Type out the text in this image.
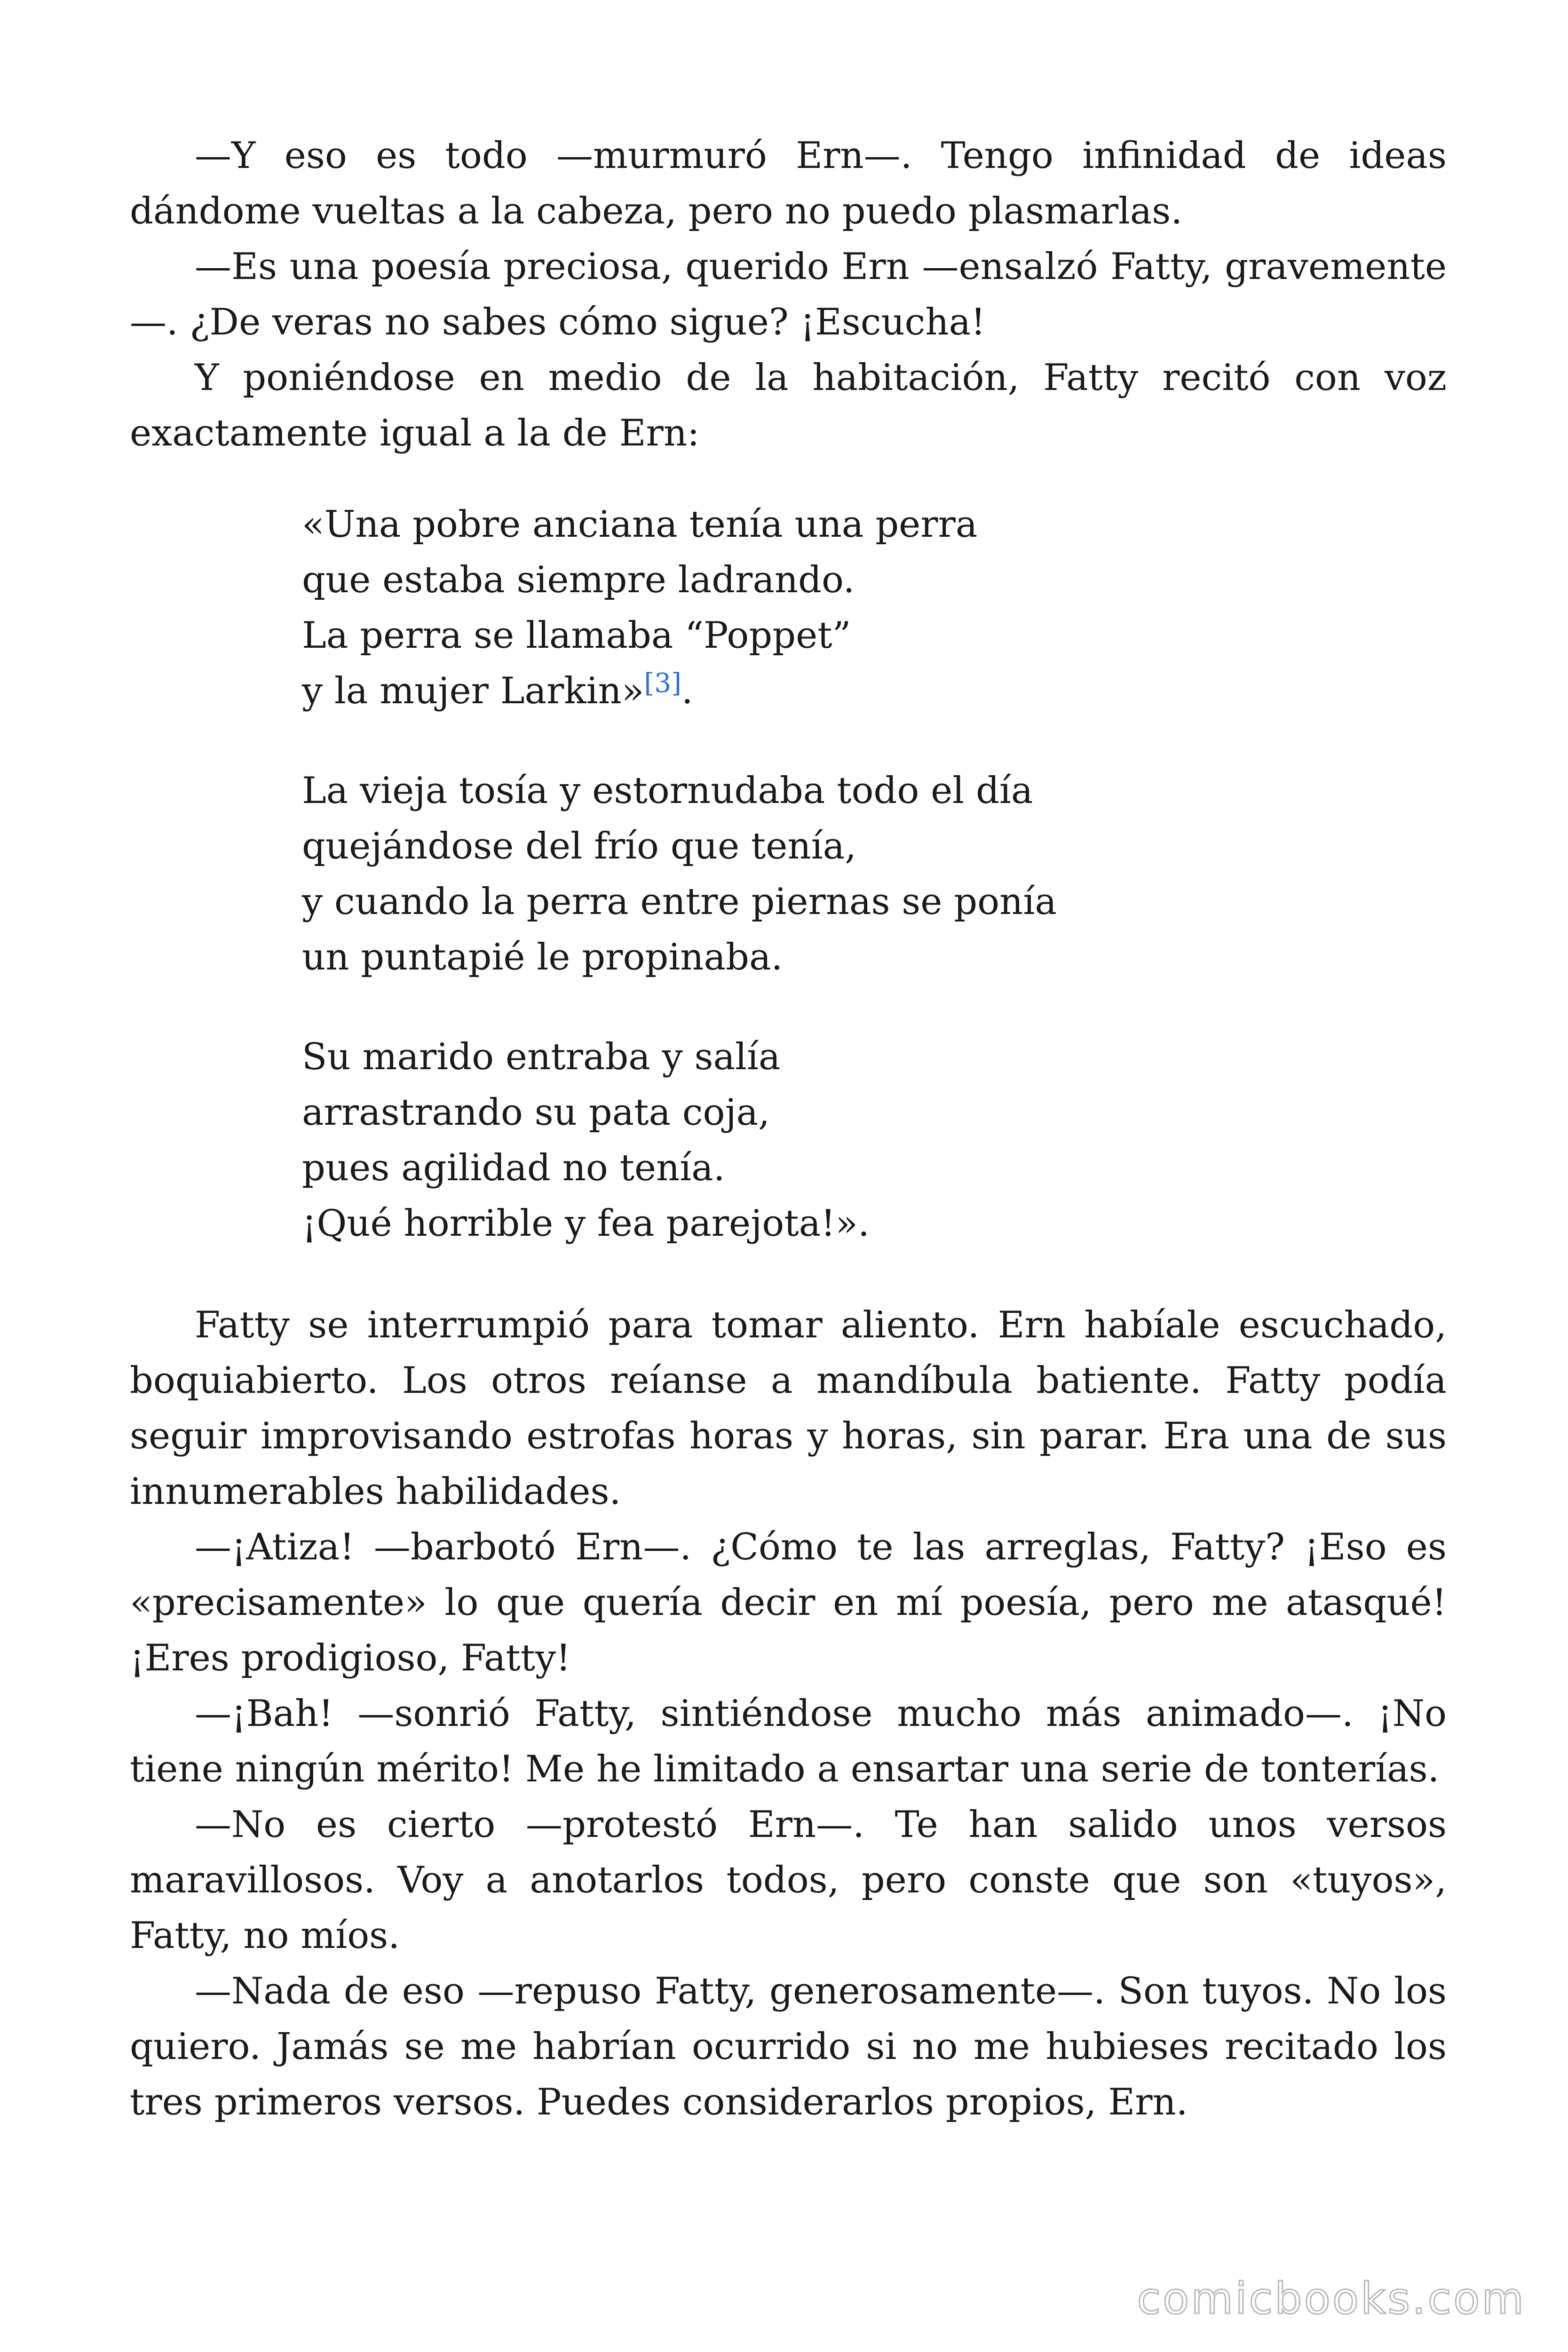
—Y eso es todo —murmuró Ern—. Tengo infinidad de ideas dándome vueltas a la cabeza, pero no puedo plasmarlas.

—Es una poesía preciosa, querido Ern —ensalzó Fatty, gravemente—. ¿De veras no sabes cómo sigue? ¡Escucha!

Y poniéndose en medio de la habitación, Fatty recitó con voz exactamente igual a la de Ern:

«Una pobre anciana tenía una perra
que estaba siempre ladrando.
La perra se llamaba “Poppet”
y la mujer Larkin»[3].
La vieja tosía y estornudaba todo el día
quejándose del frío que tenía,
y cuando la perra entre piernas se ponía
un puntapié le propinaba.
Su marido entraba y salía
arrastrando su pata coja,
pues agilidad no tenía.
¡Qué horrible y fea parejota!».

Fatty se interrumpió para tomar aliento. Ern habíale escuchado, boquiabierto. Los otros reíanse a mandíbula batiente. Fatty podía seguir improvisando estrofas horas y horas, sin parar. Era una de sus innumerables habilidades.

—¡Atiza! —barbotó Ern—. ¿Cómo te las arreglas, Fatty? ¡Eso es «precisamente» lo que quería decir en mí poesía, pero me atasqué! ¡Eres prodigioso, Fatty!

—¡Bah! —sonrió Fatty, sintiéndose mucho más animado—. ¡No tiene ningún mérito! Me he limitado a ensartar una serie de tonterías.

—No es cierto —protestó Ern—. Te han salido unos versos maravillosos. Voy a anotarlos todos, pero conste que son «tuyos», Fatty, no míos.

—Nada de eso —repuso Fatty, generosamente—. Son tuyos. No los quiero. Jamás se me habrían ocurrido si no me hubieses recitado los tres primeros versos. Puedes considerarlos propios, Ern.

comicbooks.com
